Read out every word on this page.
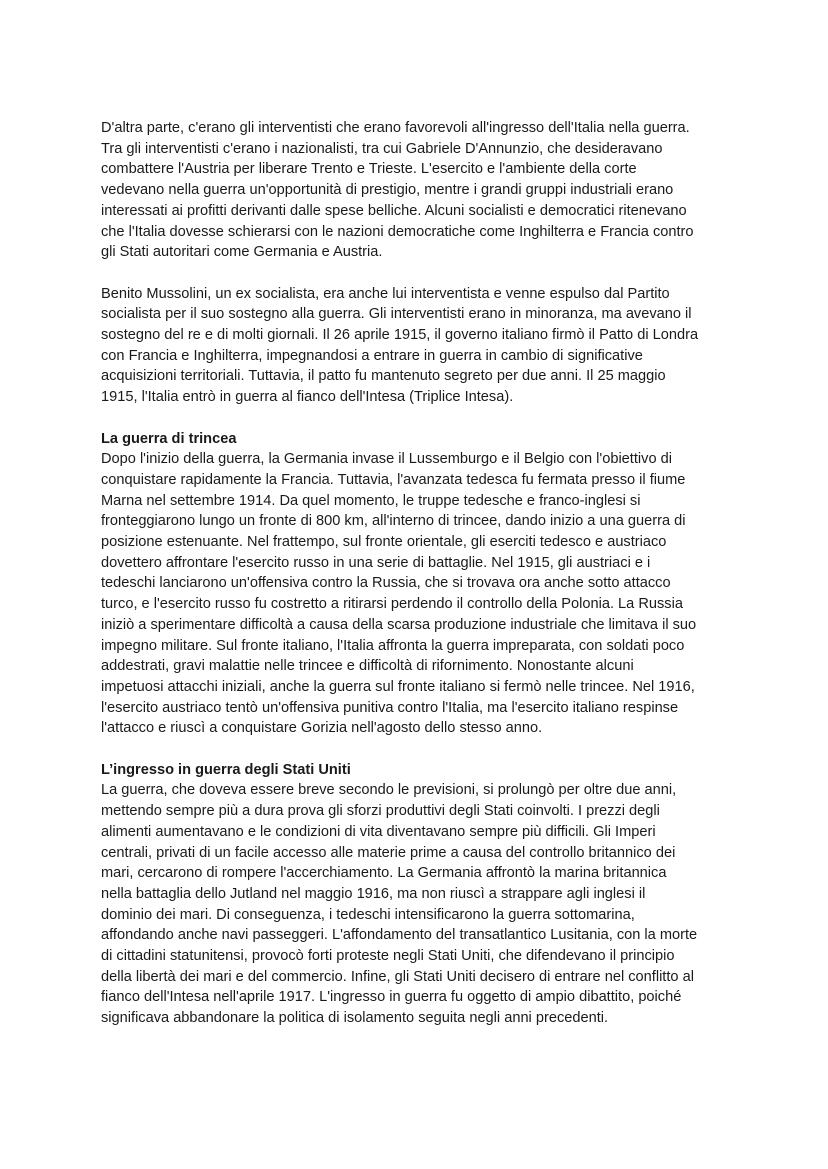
D'altra parte, c'erano gli interventisti che erano favorevoli all'ingresso dell'Italia nella guerra.
Tra gli interventisti c'erano i nazionalisti, tra cui Gabriele D'Annunzio, che desideravano
combattere l'Austria per liberare Trento e Trieste. L'esercito e l'ambiente della corte
vedevano nella guerra un'opportunità di prestigio, mentre i grandi gruppi industriali erano
interessati ai profitti derivanti dalle spese belliche. Alcuni socialisti e democratici ritenevano
che l'Italia dovesse schierarsi con le nazioni democratiche come Inghilterra e Francia contro
gli Stati autoritari come Germania e Austria.

Benito Mussolini, un ex socialista, era anche lui interventista e venne espulso dal Partito
socialista per il suo sostegno alla guerra. Gli interventisti erano in minoranza, ma avevano il
sostegno del re e di molti giornali. Il 26 aprile 1915, il governo italiano firmò il Patto di Londra
con Francia e Inghilterra, impegnandosi a entrare in guerra in cambio di significative
acquisizioni territoriali. Tuttavia, il patto fu mantenuto segreto per due anni. Il 25 maggio
1915, l'Italia entrò in guerra al fianco dell'Intesa (Triplice Intesa).

La guerra di trincea

Dopo l'inizio della guerra, la Germania invase il Lussemburgo e il Belgio con l'obiettivo di
conquistare rapidamente la Francia. Tuttavia, l'avanzata tedesca fu fermata presso il fiume
Marna nel settembre 1914. Da quel momento, le truppe tedesche e franco-inglesi si
fronteggiarono lungo un fronte di 800 km, all'interno di trincee, dando inizio a una guerra di
posizione estenuante. Nel frattempo, sul fronte orientale, gli eserciti tedesco e austriaco
dovettero affrontare l'esercito russo in una serie di battaglie. Nel 1915, gli austriaci e i
tedeschi lanciarono un'offensiva contro la Russia, che si trovava ora anche sotto attacco
turco, e l'esercito russo fu costretto a ritirarsi perdendo il controllo della Polonia. La Russia
iniziò a sperimentare difficoltà a causa della scarsa produzione industriale che limitava il suo
impegno militare. Sul fronte italiano, l'Italia affronta la guerra impreparata, con soldati poco
addestrati, gravi malattie nelle trincee e difficoltà di rifornimento. Nonostante alcuni
impetuosi attacchi iniziali, anche la guerra sul fronte italiano si fermò nelle trincee. Nel 1916,
l'esercito austriaco tentò un'offensiva punitiva contro l'Italia, ma l'esercito italiano respinse
l'attacco e riuscì a conquistare Gorizia nell'agosto dello stesso anno.

L’ingresso in guerra degli Stati Uniti

La guerra, che doveva essere breve secondo le previsioni, si prolungò per oltre due anni,
mettendo sempre più a dura prova gli sforzi produttivi degli Stati coinvolti. I prezzi degli
alimenti aumentavano e le condizioni di vita diventavano sempre più difficili. Gli Imperi
centrali, privati di un facile accesso alle materie prime a causa del controllo britannico dei
mari, cercarono di rompere l'accerchiamento. La Germania affrontò la marina britannica
nella battaglia dello Jutland nel maggio 1916, ma non riuscì a strappare agli inglesi il
dominio dei mari. Di conseguenza, i tedeschi intensificarono la guerra sottomarina,
affondando anche navi passeggeri. L'affondamento del transatlantico Lusitania, con la morte
di cittadini statunitensi, provocò forti proteste negli Stati Uniti, che difendevano il principio
della libertà dei mari e del commercio. Infine, gli Stati Uniti decisero di entrare nel conflitto al
fianco dell'Intesa nell'aprile 1917. L'ingresso in guerra fu oggetto di ampio dibattito, poiché
significava abbandonare la politica di isolamento seguita negli anni precedenti.
